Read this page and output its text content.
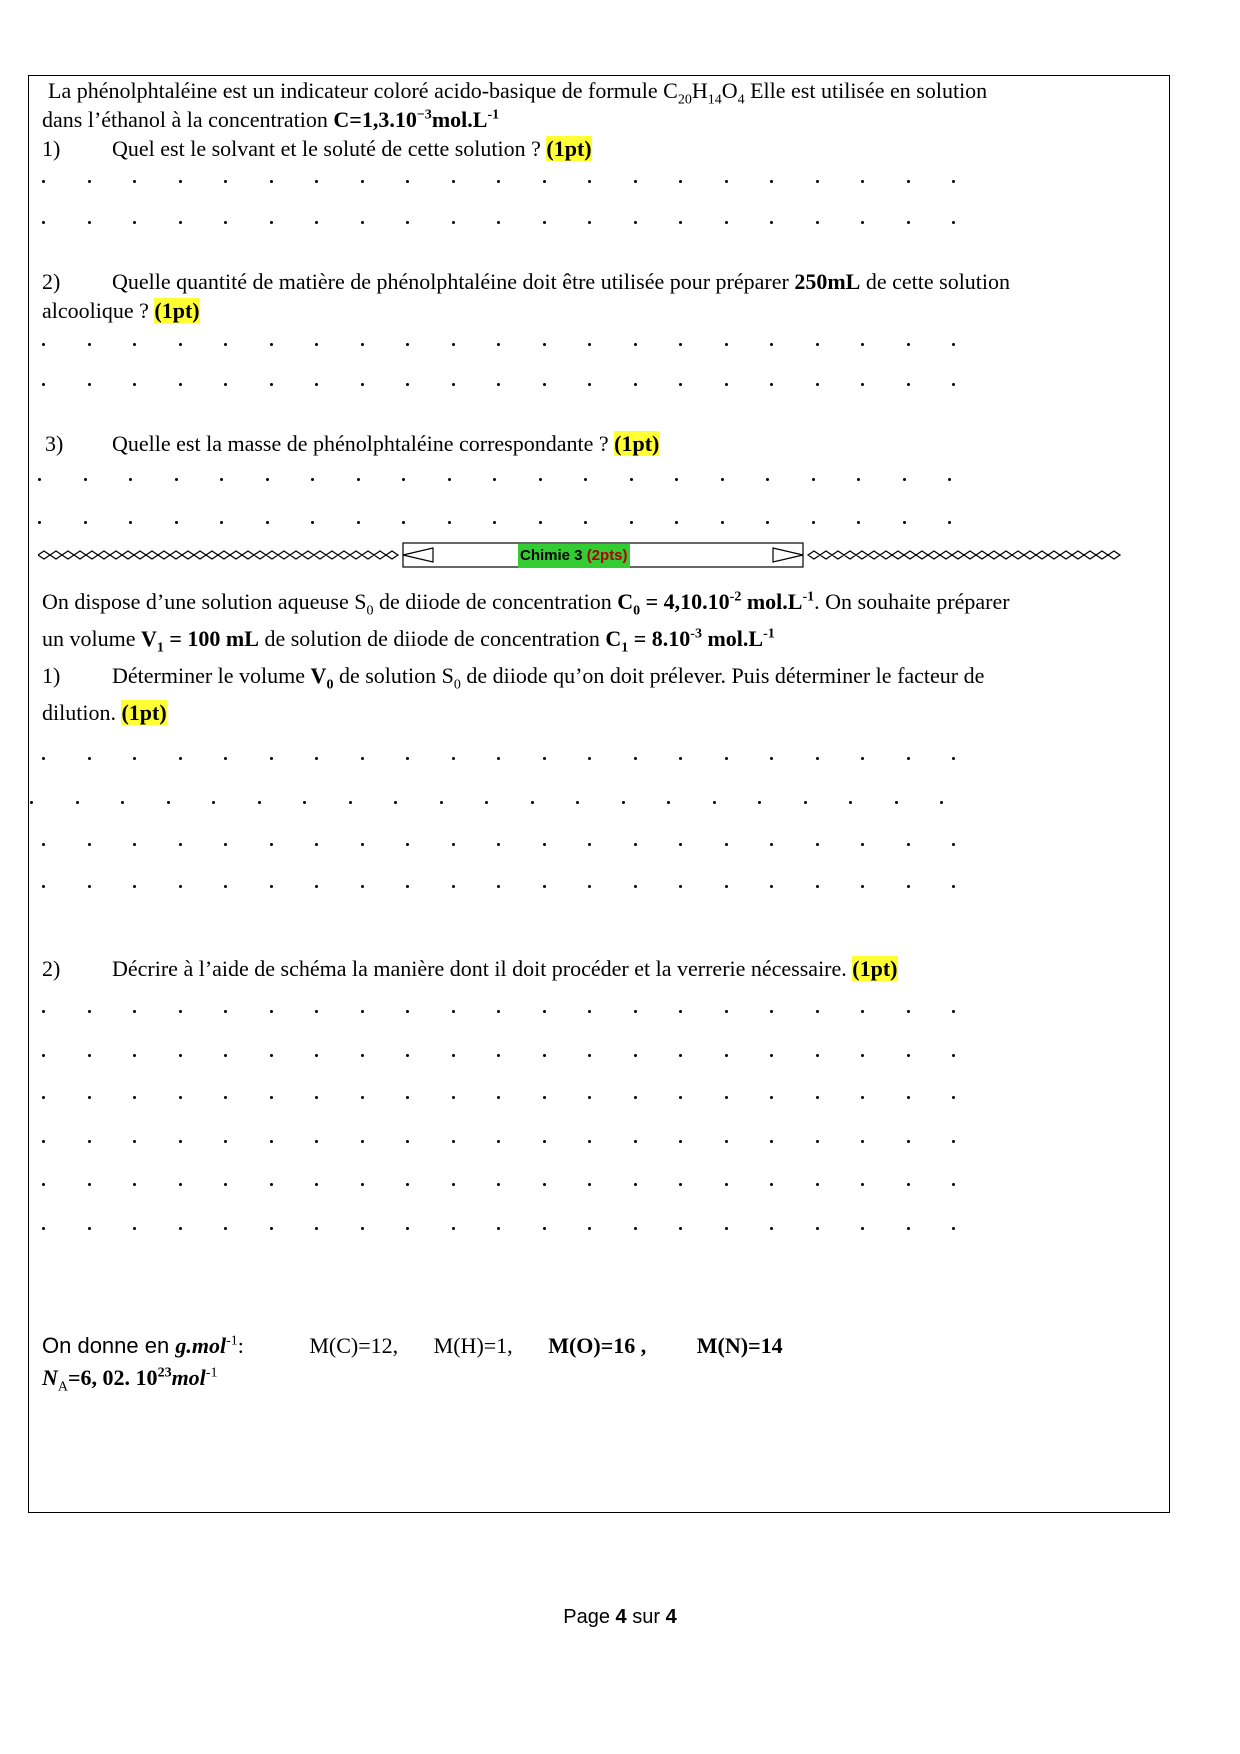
La phénolphtaléine est un indicateur coloré acido-basique de formule $C_{20}H_{14}O_4$ Elle est utilisée en solution
dans l’éthanol à la concentration $C=1,3.10^{-3}mol.L^{-1}$
1) Quel est le solvant et le soluté de cette solution ? (1pt)
2) Quelle quantité de matière de phénolphtaléine doit être utilisée pour préparer 250mL de cette solution
alcoolique ? (1pt)
3) Quelle est la masse de phénolphtaléine correspondante ? (1pt)
Chimie 3 (2pts)
On dispose d’une solution aqueuse $S_0$ de diiode de concentration $C_0 = 4,10.10^{-2}$ $mol.L^{-1}$. On souhaite préparer
un volume $V_1 = 100$ mL de solution de diiode de concentration $C_1 = 8.10^{-3}$ $mol.L^{-1}$
1) Déterminer le volume $V_0$ de solution $S_0$ de diiode qu’on doit prélever. Puis déterminer le facteur de
dilution. (1pt)
2) Décrire à l’aide de schéma la manière dont il doit procéder et la verrerie nécessaire. (1pt)
On donne en g.mol$^{-1}$:	M(C)=12, M(H)=1, M(O)=16 , M(N)=14
$N_A=6$, 02. $10^{23}mol^{-1}$
Page 4 sur 4
